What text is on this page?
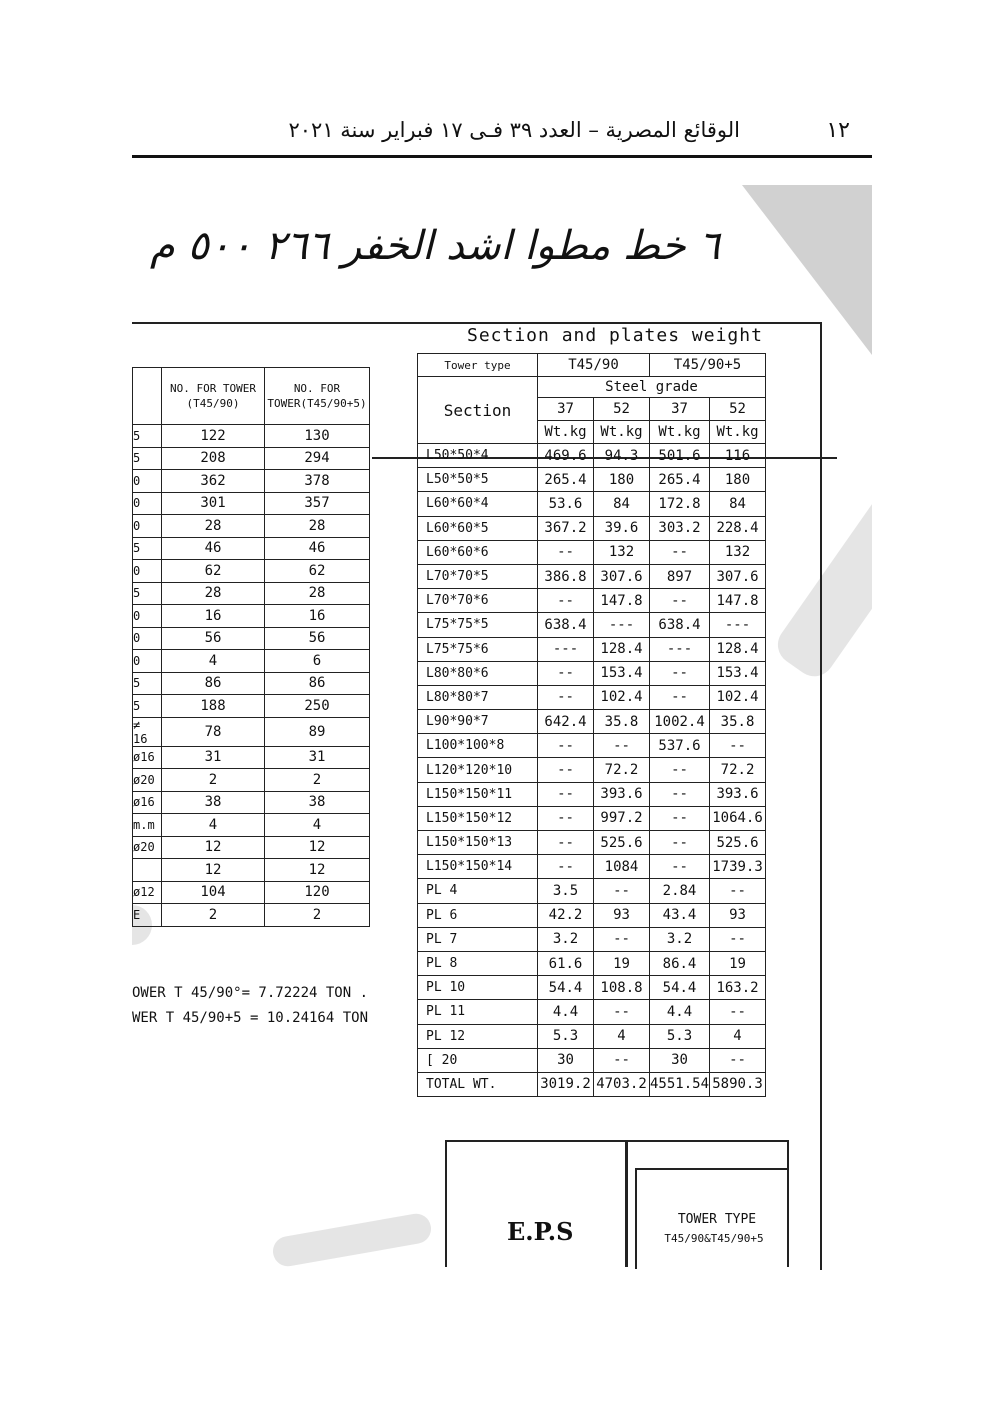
١٢
الوقائع المصرية – العدد ٣٩ فـى ١٧ فبراير سنة ٢٠٢١
٦ خط مطوا اشد الخفر ٢٦٦ ٥٠٠ م
	NO. FOR TOWER (T45/90)	NO. FOR TOWER(T45/90+5)
5	122	130
5	208	294
0	362	378
0	301	357
0	28	28
5	46	46
0	62	62
5	28	28
0	16	16
0	56	56
0	4	6
5	86	86
5	188	250
≠ 16	78	89
ø16	31	31
ø20	2	2
ø16	38	38
m.m	4	4
ø20	12	12
	12	12
ø12	104	120
E	2	2
OWER T 45/90°= 7.72224 TON .
WER T 45/90+5 = 10.24164 TON
Section and plates weight
Tower type	T45/90		T45/90+5	
Section	Steel grade			
	37	52	37	52
	Wt.kg	Wt.kg	Wt.kg	Wt.kg
L50*50*4	469.6	94.3	501.6	116
L50*50*5	265.4	180	265.4	180
L60*60*4	53.6	84	172.8	84
L60*60*5	367.2	39.6	303.2	228.4
L60*60*6	--	132	--	132
L70*70*5	386.8	307.6	897	307.6
L70*70*6	--	147.8	--	147.8
L75*75*5	638.4	---	638.4	---
L75*75*6	---	128.4	---	128.4
L80*80*6	--	153.4	--	153.4
L80*80*7	--	102.4	--	102.4
L90*90*7	642.4	35.8	1002.4	35.8
L100*100*8	--	--	537.6	--
L120*120*10	--	72.2	--	72.2
L150*150*11	--	393.6	--	393.6
L150*150*12	--	997.2	--	1064.6
L150*150*13	--	525.6	--	525.6
L150*150*14	--	1084	--	1739.3
PL 4	3.5	--	2.84	--
PL 6	42.2	93	43.4	93
PL 7	3.2	--	3.2	--
PL 8	61.6	19	86.4	19
PL 10	54.4	108.8	54.4	163.2
PL 11	4.4	--	4.4	--
PL 12	5.3	4	5.3	4
[ 20	30	--	30	--
TOTAL WT.	3019.2	4703.2	4551.54	5890.3
E.P.S	TOWER TYPE
T45/90&T45/90+5
